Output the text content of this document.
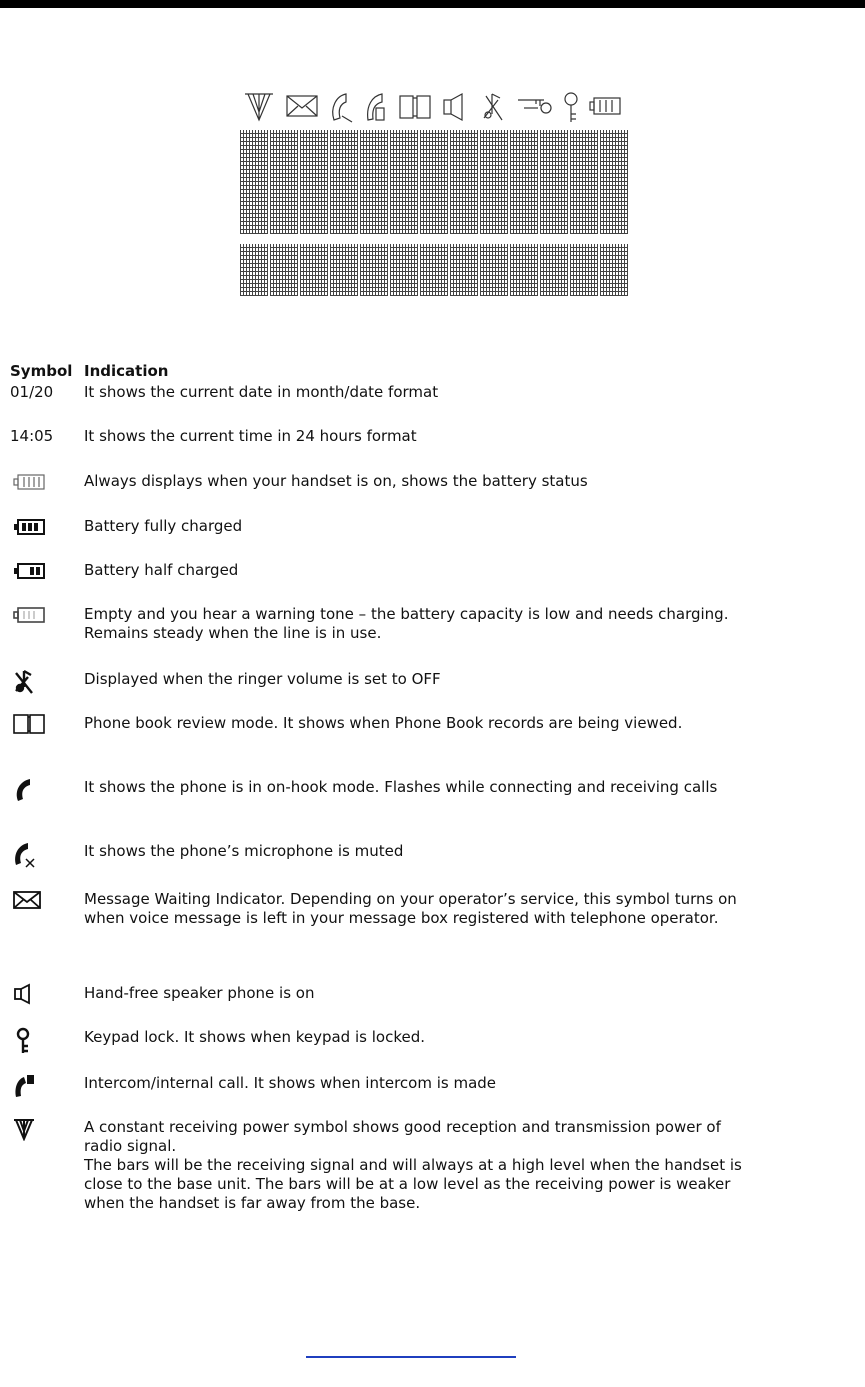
Symbol Indication
01/20	It shows the current date in month/date format
14:05	It shows the current time in 24 hours format
Always displays when your handset is on, shows the battery status
Battery fully charged
Battery half charged
Empty and you hear a warning tone – the battery capacity is low and needs charging. Remains steady when the line is in use.
Displayed when the ringer volume is set to OFF
Phone book review mode. It shows when Phone Book records are being viewed.
It shows the phone is in on-hook mode. Flashes while connecting and receiving calls
It shows the phone’s microphone is muted
Message Waiting Indicator. Depending on your operator’s service, this symbol turns on when voice message is left in your message box registered with telephone operator.
Hand-free speaker phone is on
Keypad lock. It shows when keypad is locked.
Intercom/internal call. It shows when intercom is made
A constant receiving power symbol shows good reception and transmission power of radio signal.
The bars will be the receiving signal and will always at a high level when the handset is close to the base unit. The bars will be at a low level as the receiving power is weaker when the handset is far away from the base.
